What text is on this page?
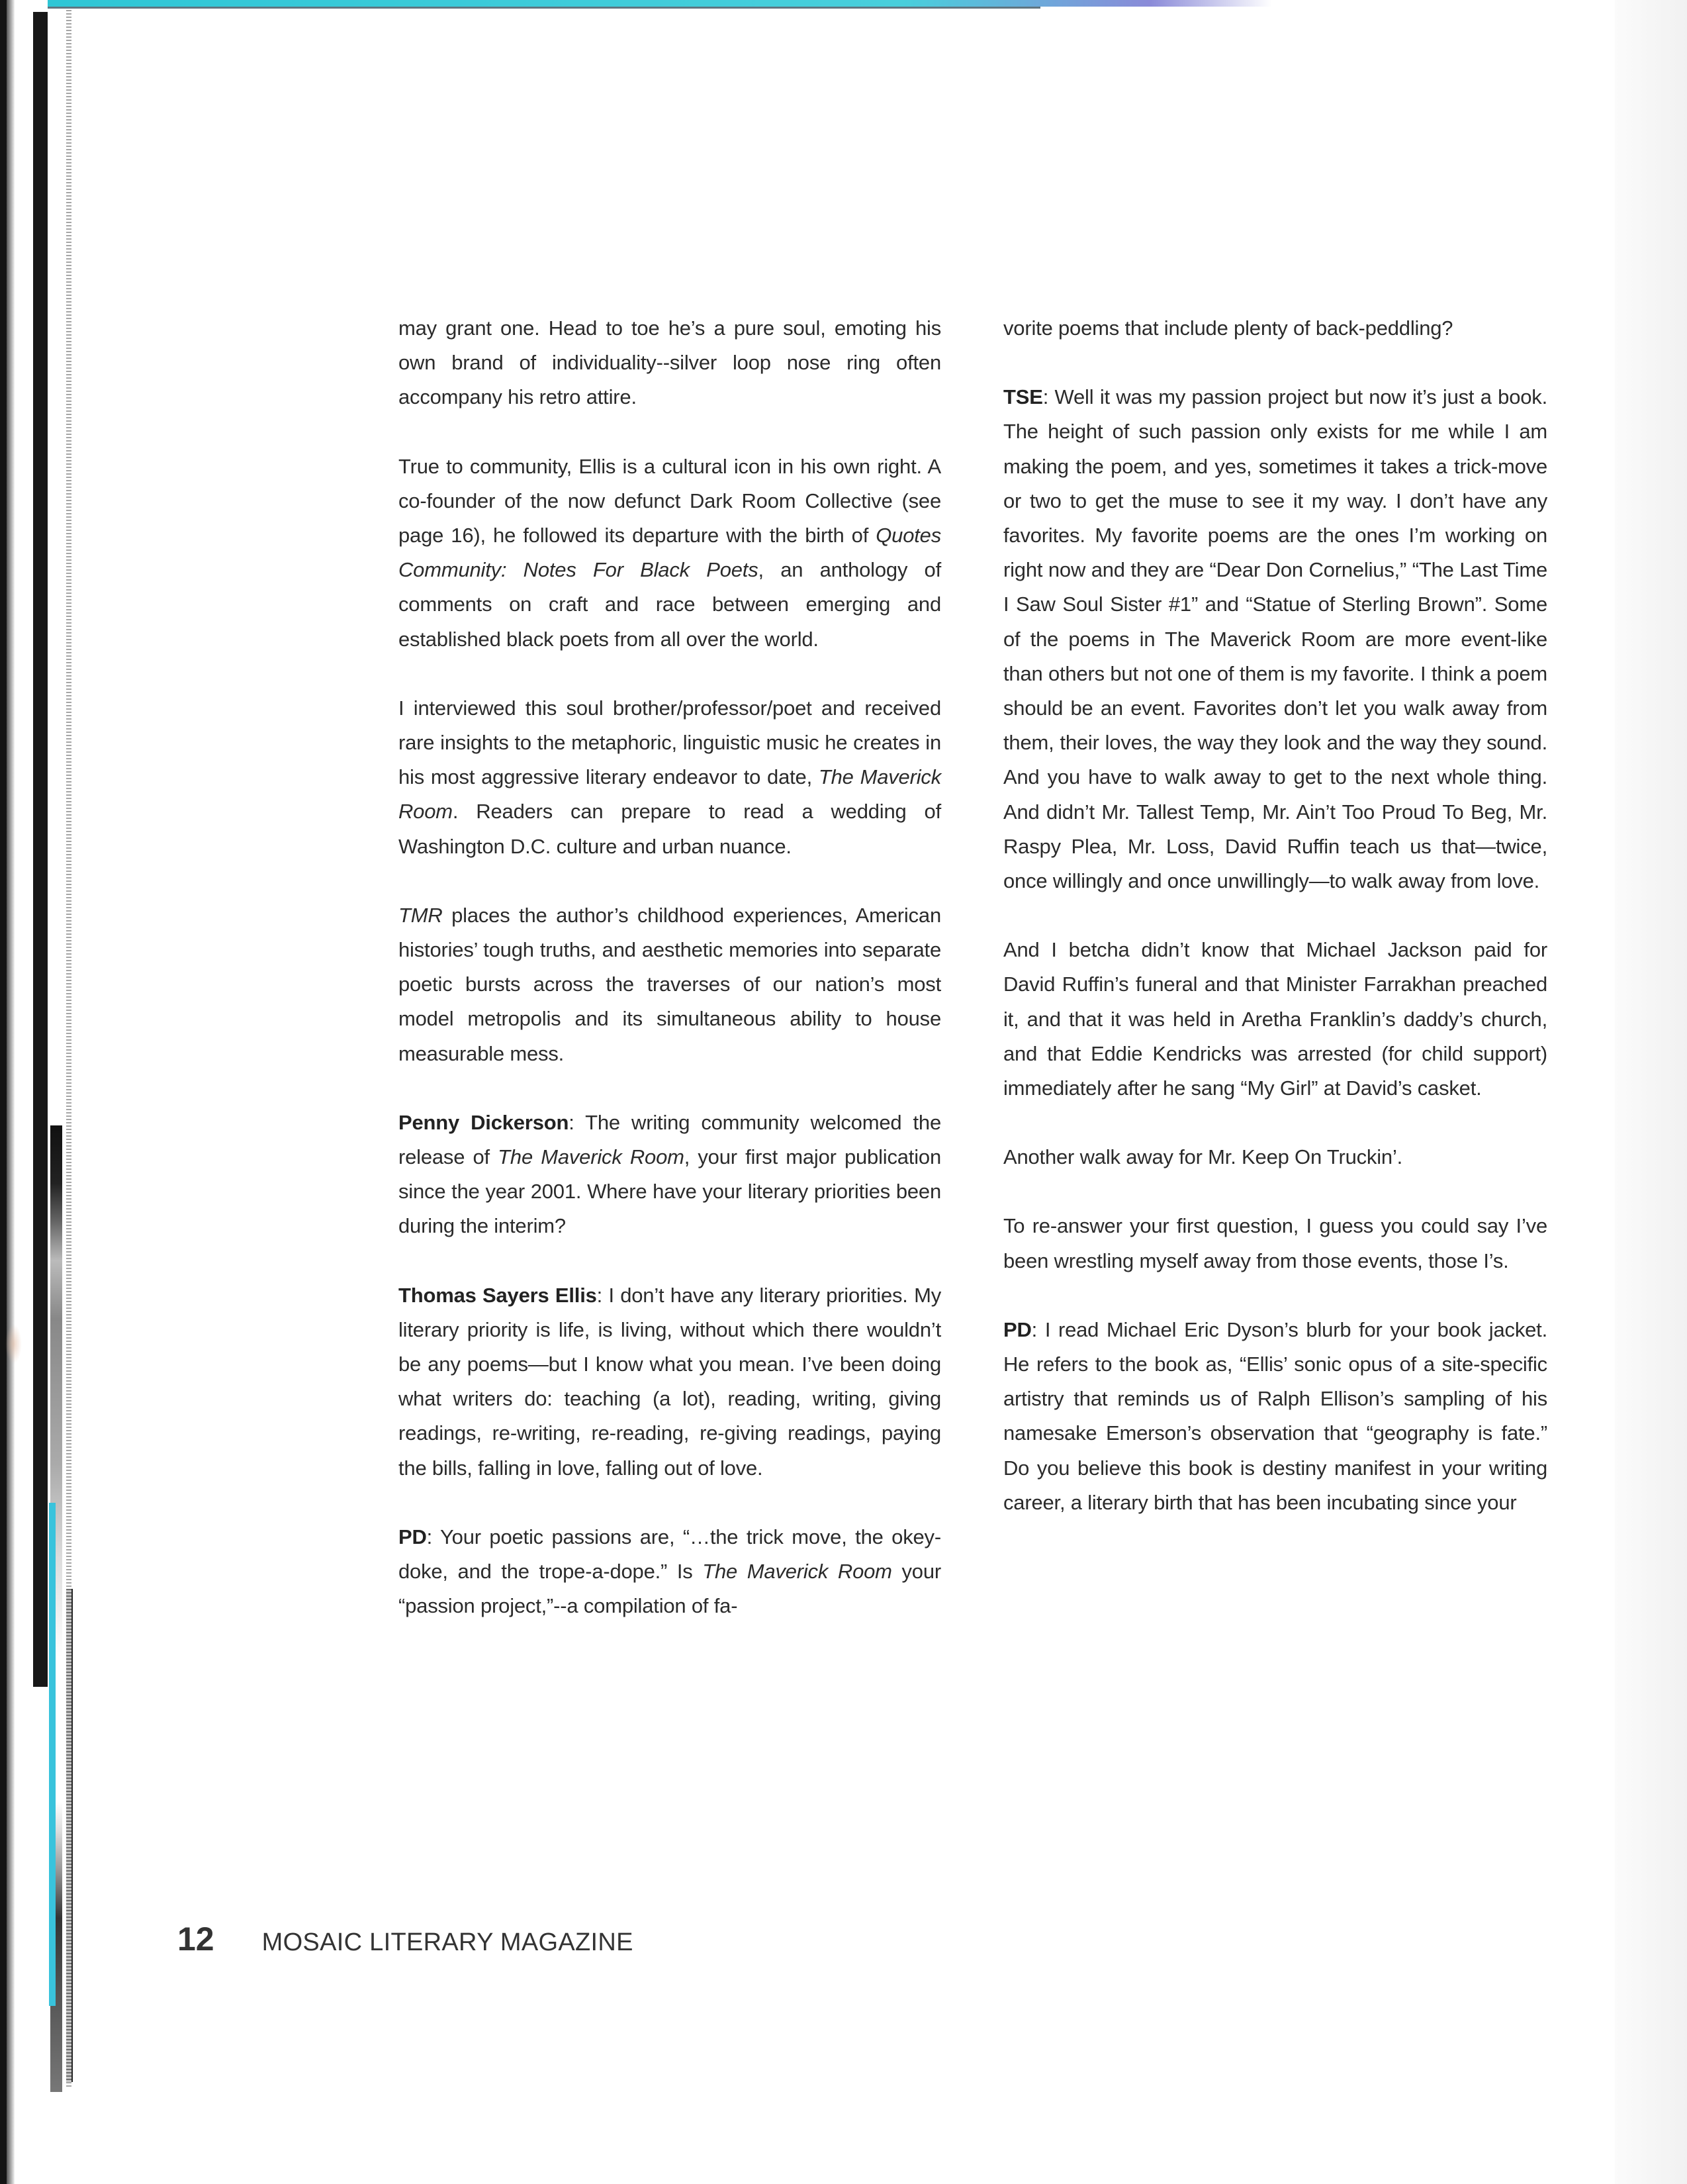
may grant one. Head to toe he’s a pure soul, emoting his own brand of individuality--silver loop nose ring often accompany his retro attire.

True to community, Ellis is a cultural icon in his own right. A co-founder of the now defunct Dark Room Collective (see page 16), he followed its departure with the birth of Quotes Community: Notes For Black Poets, an anthology of comments on craft and race between emerging and established black poets from all over the world.

I interviewed this soul brother/professor/poet and received rare insights to the metaphoric, linguistic music he creates in his most aggressive literary endeavor to date, The Maverick Room. Readers can prepare to read a wedding of Washington D.C. culture and urban nuance.

TMR places the author’s childhood experiences, American histories’ tough truths, and aesthetic memories into separate poetic bursts across the traverses of our nation’s most model metropolis and its simultaneous ability to house measurable mess.

Penny Dickerson: The writing community welcomed the release of The Maverick Room, your first major publication since the year 2001. Where have your literary priorities been during the interim?

Thomas Sayers Ellis: I don’t have any literary priorities. My literary priority is life, is living, without which there wouldn’t be any poems—but I know what you mean. I’ve been doing what writers do: teaching (a lot), reading, writing, giving readings, re-writing, re-reading, re-giving readings, paying the bills, falling in love, falling out of love.

PD: Your poetic passions are, “…the trick move, the okey-doke, and the trope-a-dope.” Is The Maverick Room your “passion project,”--a compilation of fa-

vorite poems that include plenty of back-peddling?

TSE: Well it was my passion project but now it’s just a book. The height of such passion only exists for me while I am making the poem, and yes, sometimes it takes a trick-move or two to get the muse to see it my way. I don’t have any favorites. My favorite poems are the ones I’m working on right now and they are “Dear Don Cornelius,” “The Last Time I Saw Soul Sister #1” and “Statue of Sterling Brown”. Some of the poems in The Maverick Room are more event-like than others but not one of them is my favorite. I think a poem should be an event. Favorites don’t let you walk away from them, their loves, the way they look and the way they sound. And you have to walk away to get to the next whole thing. And didn’t Mr. Tallest Temp, Mr. Ain’t Too Proud To Beg, Mr. Raspy Plea, Mr. Loss, David Ruffin teach us that—twice, once willingly and once unwillingly—to walk away from love.

And I betcha didn’t know that Michael Jackson paid for David Ruffin’s funeral and that Minister Farrakhan preached it, and that it was held in Aretha Franklin’s daddy’s church, and that Eddie Kendricks was arrested (for child support) immediately after he sang “My Girl” at David’s casket.

Another walk away for Mr. Keep On Truckin’.

To re-answer your first question, I guess you could say I’ve been wrestling myself away from those events, those I’s.

PD: I read Michael Eric Dyson’s blurb for your book jacket. He refers to the book as, “Ellis’ sonic opus of a site-specific artistry that reminds us of Ralph Ellison’s sampling of his namesake Emerson’s observation that “geography is fate.” Do you believe this book is destiny manifest in your writing career, a literary birth that has been incubating since your

12 MOSAIC LITERARY MAGAZINE
